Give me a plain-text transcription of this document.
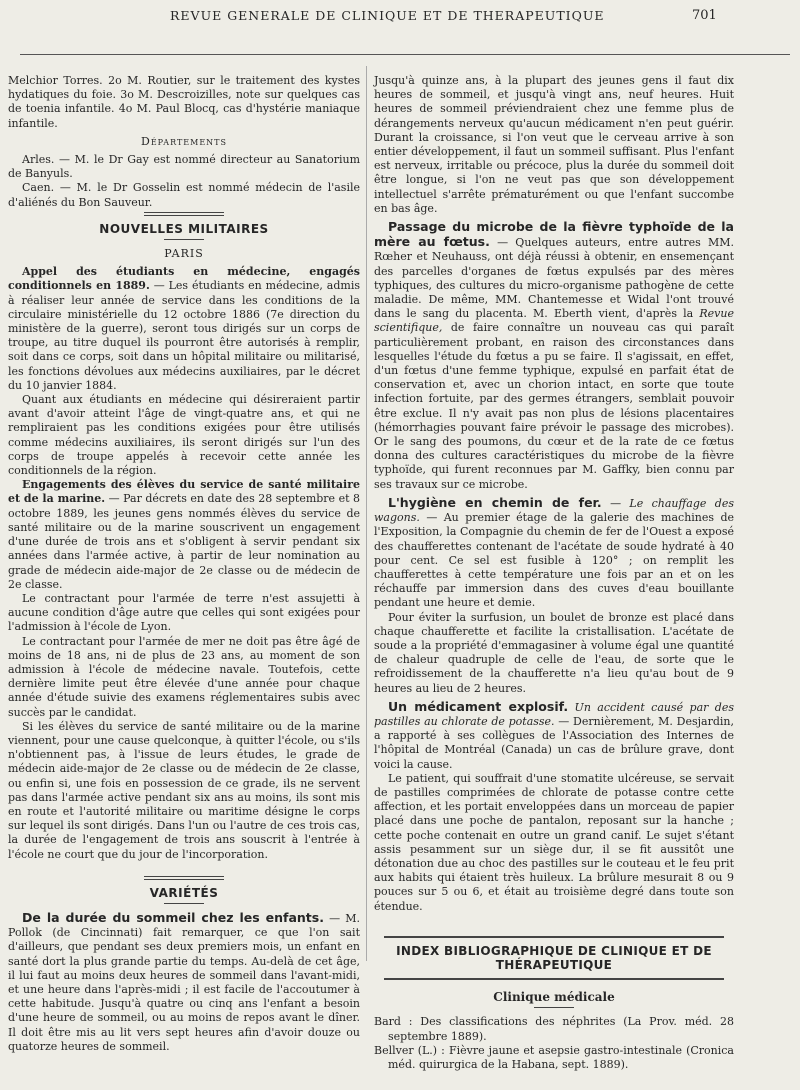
REVUE GENERALE DE CLINIQUE ET DE THERAPEUTIQUE	701

Melchior Torres. 2o M. Routier, sur le traitement des kystes hydatiques du foie. 3o M. Descroizilles, note sur quelques cas de toenia infantile. 4o M. Paul Blocq, cas d'hystérie maniaque infantile.

Départements

Arles. — M. le Dr Gay est nommé directeur au Sanatorium de Banyuls.

Caen. — M. le Dr Gosselin est nommé médecin de l'asile d'aliénés du Bon Sauveur.

NOUVELLES MILITAIRES

PARIS

Appel des étudiants en médecine, engagés conditionnels en 1889. — Les étudiants en médecine, admis à réaliser leur année de service dans les conditions de la circulaire ministérielle du 12 octobre 1886 (7e direction du ministère de la guerre), seront tous dirigés sur un corps de troupe, au titre duquel ils pourront être autorisés à remplir, soit dans ce corps, soit dans un hôpital militaire ou militarisé, les fonctions dévolues aux médecins auxiliaires, par le décret du 10 janvier 1884.

Quant aux étudiants en médecine qui désireraient partir avant d'avoir atteint l'âge de vingt-quatre ans, et qui ne rempliraient pas les conditions exigées pour être utilisés comme médecins auxiliaires, ils seront dirigés sur l'un des corps de troupe appelés à recevoir cette année les conditionnels de la région.

Engagements des élèves du service de santé militaire et de la marine. — Par décrets en date des 28 septembre et 8 octobre 1889, les jeunes gens nommés élèves du service de santé militaire ou de la marine souscrivent un engagement d'une durée de trois ans et s'obligent à servir pendant six années dans l'armée active, à partir de leur nomination au grade de médecin aide-major de 2e classe ou de médecin de 2e classe.

Le contractant pour l'armée de terre n'est assujetti à aucune condition d'âge autre que celles qui sont exigées pour l'admission à l'école de Lyon.

Le contractant pour l'armée de mer ne doit pas être âgé de moins de 18 ans, ni de plus de 23 ans, au moment de son admission à l'école de médecine navale. Toutefois, cette dernière limite peut être élevée d'une année pour chaque année d'étude suivie des examens réglementaires subis avec succès par le candidat.

Si les élèves du service de santé militaire ou de la marine viennent, pour une cause quelconque, à quitter l'école, ou s'ils n'obtiennent pas, à l'issue de leurs études, le grade de médecin aide-major de 2e classe ou de médecin de 2e classe, ou enfin si, une fois en possession de ce grade, ils ne servent pas dans l'armée active pendant six ans au moins, ils sont mis en route et l'autorité militaire ou maritime désigne le corps sur lequel ils sont dirigés. Dans l'un ou l'autre de ces trois cas, la durée de l'engagement de trois ans souscrit à l'entrée à l'école ne court que du jour de l'incorporation.

VARIÉTÉS

De la durée du sommeil chez les enfants. — M. Pollok (de Cincinnati) fait remarquer, ce que l'on sait d'ailleurs, que pendant ses deux premiers mois, un enfant en santé dort la plus grande partie du temps. Au-delà de cet âge, il lui faut au moins deux heures de sommeil dans l'avant-midi, et une heure dans l'après-midi ; il est facile de l'accoutumer à cette habitude. Jusqu'à quatre ou cinq ans l'enfant a besoin d'une heure de sommeil, ou au moins de repos avant le dîner. Il doit être mis au lit vers sept heures afin d'avoir douze ou quatorze heures de sommeil.

Jusqu'à quinze ans, à la plupart des jeunes gens il faut dix heures de sommeil, et jusqu'à vingt ans, neuf heures. Huit heures de sommeil préviendraient chez une femme plus de dérangements nerveux qu'aucun médicament n'en peut guérir. Durant la croissance, si l'on veut que le cerveau arrive à son entier développement, il faut un sommeil suffisant. Plus l'enfant est nerveux, irritable ou précoce, plus la durée du sommeil doit être longue, si l'on ne veut pas que son développement intellectuel s'arrête prématurément ou que l'enfant succombe en bas âge.

Passage du microbe de la fièvre typhoïde de la mère au fœtus. — Quelques auteurs, entre autres MM. Rœher et Neuhauss, ont déjà réussi à obtenir, en ensemençant des parcelles d'organes de fœtus expulsés par des mères typhiques, des cultures du micro-organisme pathogène de cette maladie. De même, MM. Chantemesse et Widal l'ont trouvé dans le sang du placenta. M. Eberth vient, d'après la Revue scientifique, de faire connaître un nouveau cas qui paraît particulièrement probant, en raison des circonstances dans lesquelles l'étude du fœtus a pu se faire. Il s'agissait, en effet, d'un fœtus d'une femme typhique, expulsé en parfait état de conservation et, avec un chorion intact, en sorte que toute infection fortuite, par des germes étrangers, semblait pouvoir être exclue. Il n'y avait pas non plus de lésions placentaires (hémorrhagies pouvant faire prévoir le passage des microbes). Or le sang des poumons, du cœur et de la rate de ce fœtus donna des cultures caractéristiques du microbe de la fièvre typhoïde, qui furent reconnues par M. Gaffky, bien connu par ses travaux sur ce microbe.

L'hygiène en chemin de fer. — Le chauffage des wagons. — Au premier étage de la galerie des machines de l'Exposition, la Compagnie du chemin de fer de l'Ouest a exposé des chaufferettes contenant de l'acétate de soude hydraté à 40 pour cent. Ce sel est fusible à 120° ; on remplit les chaufferettes à cette température une fois par an et on les réchauffe par immersion dans des cuves d'eau bouillante pendant une heure et demie.

Pour éviter la surfusion, un boulet de bronze est placé dans chaque chaufferette et facilite la cristallisation. L'acétate de soude a la propriété d'emmagasiner à volume égal une quantité de chaleur quadruple de celle de l'eau, de sorte que le refroidissement de la chaufferette n'a lieu qu'au bout de 9 heures au lieu de 2 heures.

Un médicament explosif. Un accident causé par des pastilles au chlorate de potasse. — Dernièrement, M. Desjardin, a rapporté à ses collègues de l'Association des Internes de l'hôpital de Montréal (Canada) un cas de brûlure grave, dont voici la cause.

Le patient, qui souffrait d'une stomatite ulcéreuse, se servait de pastilles comprimées de chlorate de potasse contre cette affection, et les portait enveloppées dans un morceau de papier placé dans une poche de pantalon, reposant sur la hanche ; cette poche contenait en outre un grand canif. Le sujet s'étant assis pesamment sur un siège dur, il se fit aussitôt une détonation due au choc des pastilles sur le couteau et le feu prit aux habits qui étaient très huileux. La brûlure mesurait 8 ou 9 pouces sur 5 ou 6, et était au troisième degré dans toute son étendue.

INDEX BIBLIOGRAPHIQUE DE CLINIQUE ET DE THÉRAPEUTIQUE

Clinique médicale

Bard : Des classifications des néphrites (La Prov. méd. 28 septembre 1889).

Bellver (L.) : Fièvre jaune et asepsie gastro-intestinale (Cronica méd. quirurgica de la Habana, sept. 1889).
